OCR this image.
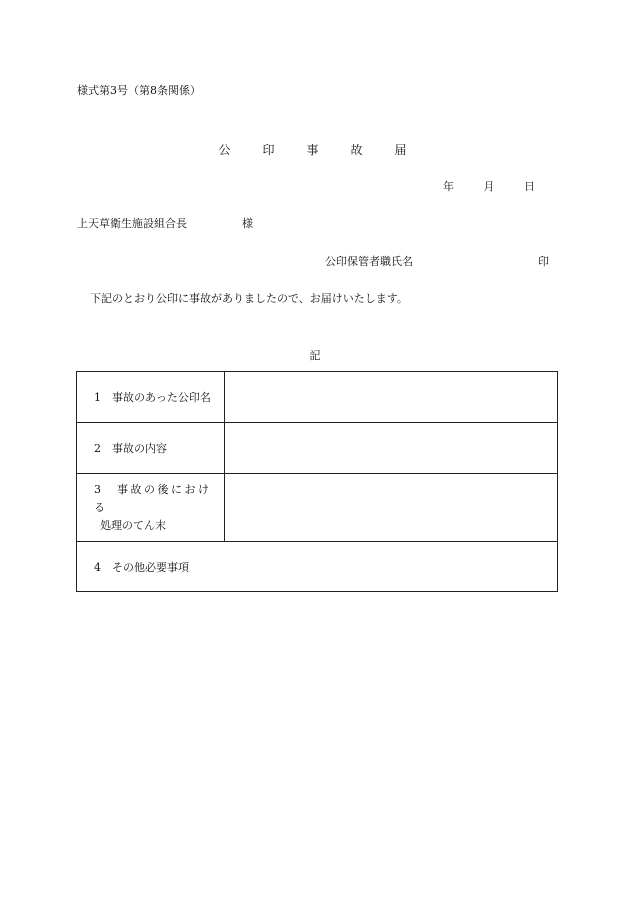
様式第3号（第8条関係）
公　印　事　故　届
年	月	日
上天草衛生施設組合長	様
公印保管者職氏名	印
下記のとおり公印に事故がありましたので、お届けいたします。
記
1　事故のあった公印名	
2　事故の内容	
3　事故の後における
処理のてん末	

4　その他必要事項	
